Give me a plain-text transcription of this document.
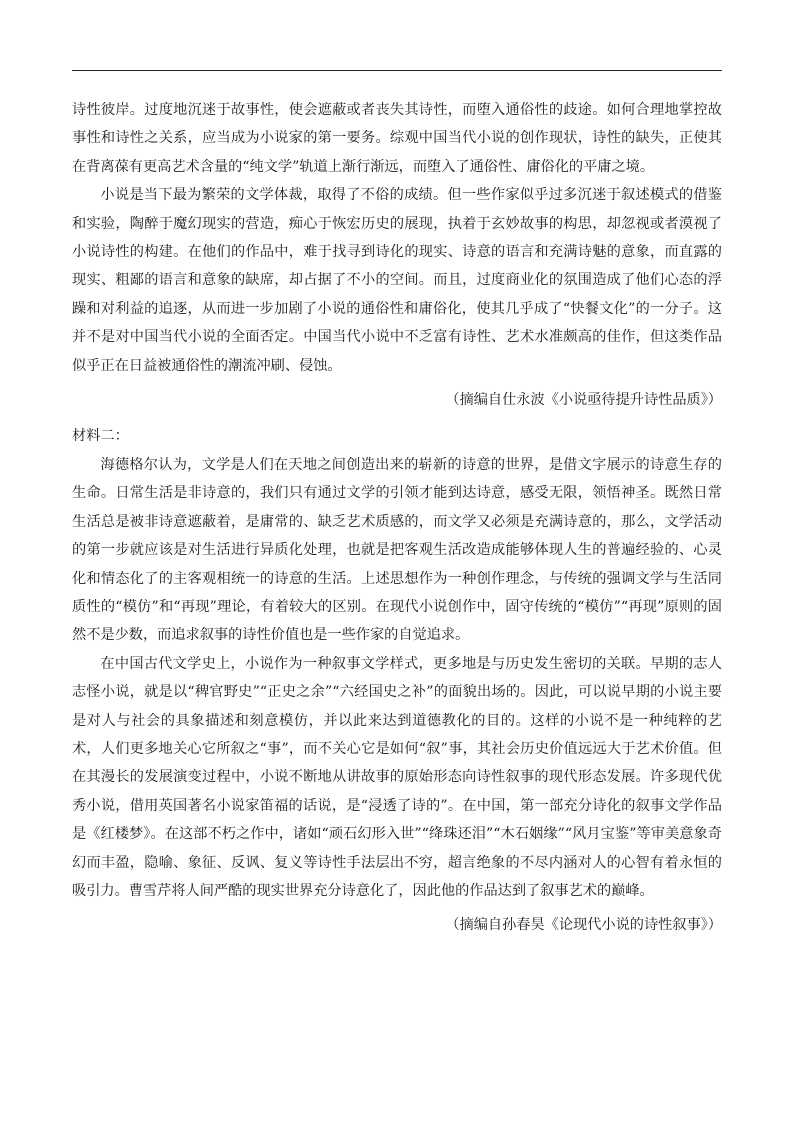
诗性彼岸。过度地沉迷于故事性，使会遮蔽或者丧失其诗性，而堕入通俗性的歧途。如何合理地掌控故事性和诗性之关系，应当成为小说家的第一要务。综观中国当代小说的创作现状，诗性的缺失，正使其在背离葆有更高艺术含量的“纯文学”轨道上渐行渐远，而堕入了通俗性、庸俗化的平庸之境。

小说是当下最为繁荣的文学体裁，取得了不俗的成绩。但一些作家似乎过多沉迷于叙述模式的借鉴和实验，陶醉于魔幻现实的营造，痴心于恢宏历史的展现，执着于玄妙故事的构思，却忽视或者漠视了小说诗性的构建。在他们的作品中，难于找寻到诗化的现实、诗意的语言和充满诗魅的意象，而直露的现实、粗鄙的语言和意象的缺席，却占据了不小的空间。而且，过度商业化的氛围造成了他们心态的浮躁和对利益的追逐，从而进一步加剧了小说的通俗性和庸俗化，使其几乎成了“快餐文化”的一分子。这并不是对中国当代小说的全面否定。中国当代小说中不乏富有诗性、艺术水准颇高的佳作，但这类作品似乎正在日益被通俗性的潮流冲刷、侵蚀。

（摘编自仕永波《小说亟待提升诗性品质》）

材料二：

海德格尔认为，文学是人们在天地之间创造出来的崭新的诗意的世界，是借文字展示的诗意生存的生命。日常生活是非诗意的，我们只有通过文学的引领才能到达诗意，感受无限，领悟神圣。既然日常生活总是被非诗意遮蔽着，是庸常的、缺乏艺术质感的，而文学又必须是充满诗意的，那么，文学活动的第一步就应该是对生活进行异质化处理，也就是把客观生活改造成能够体现人生的普遍经验的、心灵化和情态化了的主客观相统一的诗意的生活。上述思想作为一种创作理念，与传统的强调文学与生活同质性的“模仿”和“再现”理论，有着较大的区别。在现代小说创作中，固守传统的“模仿”“再现”原则的固然不是少数，而追求叙事的诗性价值也是一些作家的自觉追求。

在中国古代文学史上，小说作为一种叙事文学样式，更多地是与历史发生密切的关联。早期的志人志怪小说，就是以“稗官野史”“正史之余”“六经国史之补”的面貌出场的。因此，可以说早期的小说主要是对人与社会的具象描述和刻意模仿，并以此来达到道德教化的目的。这样的小说不是一种纯粹的艺术，人们更多地关心它所叙之“事”，而不关心它是如何“叙”事，其社会历史价值远远大于艺术价值。但在其漫长的发展演变过程中，小说不断地从讲故事的原始形态向诗性叙事的现代形态发展。许多现代优秀小说，借用英国著名小说家笛福的话说，是“浸透了诗的”。在中国，第一部充分诗化的叙事文学作品是《红楼梦》。在这部不朽之作中，诸如“顽石幻形入世”“绛珠还泪”“木石姻缘”“风月宝鉴”等审美意象奇幻而丰盈，隐喻、象征、反讽、复义等诗性手法层出不穷，超言绝象的不尽内涵对人的心智有着永恒的吸引力。曹雪芹将人间严酷的现实世界充分诗意化了，因此他的作品达到了叙事艺术的巅峰。

（摘编自孙春昊《论现代小说的诗性叙事》）
